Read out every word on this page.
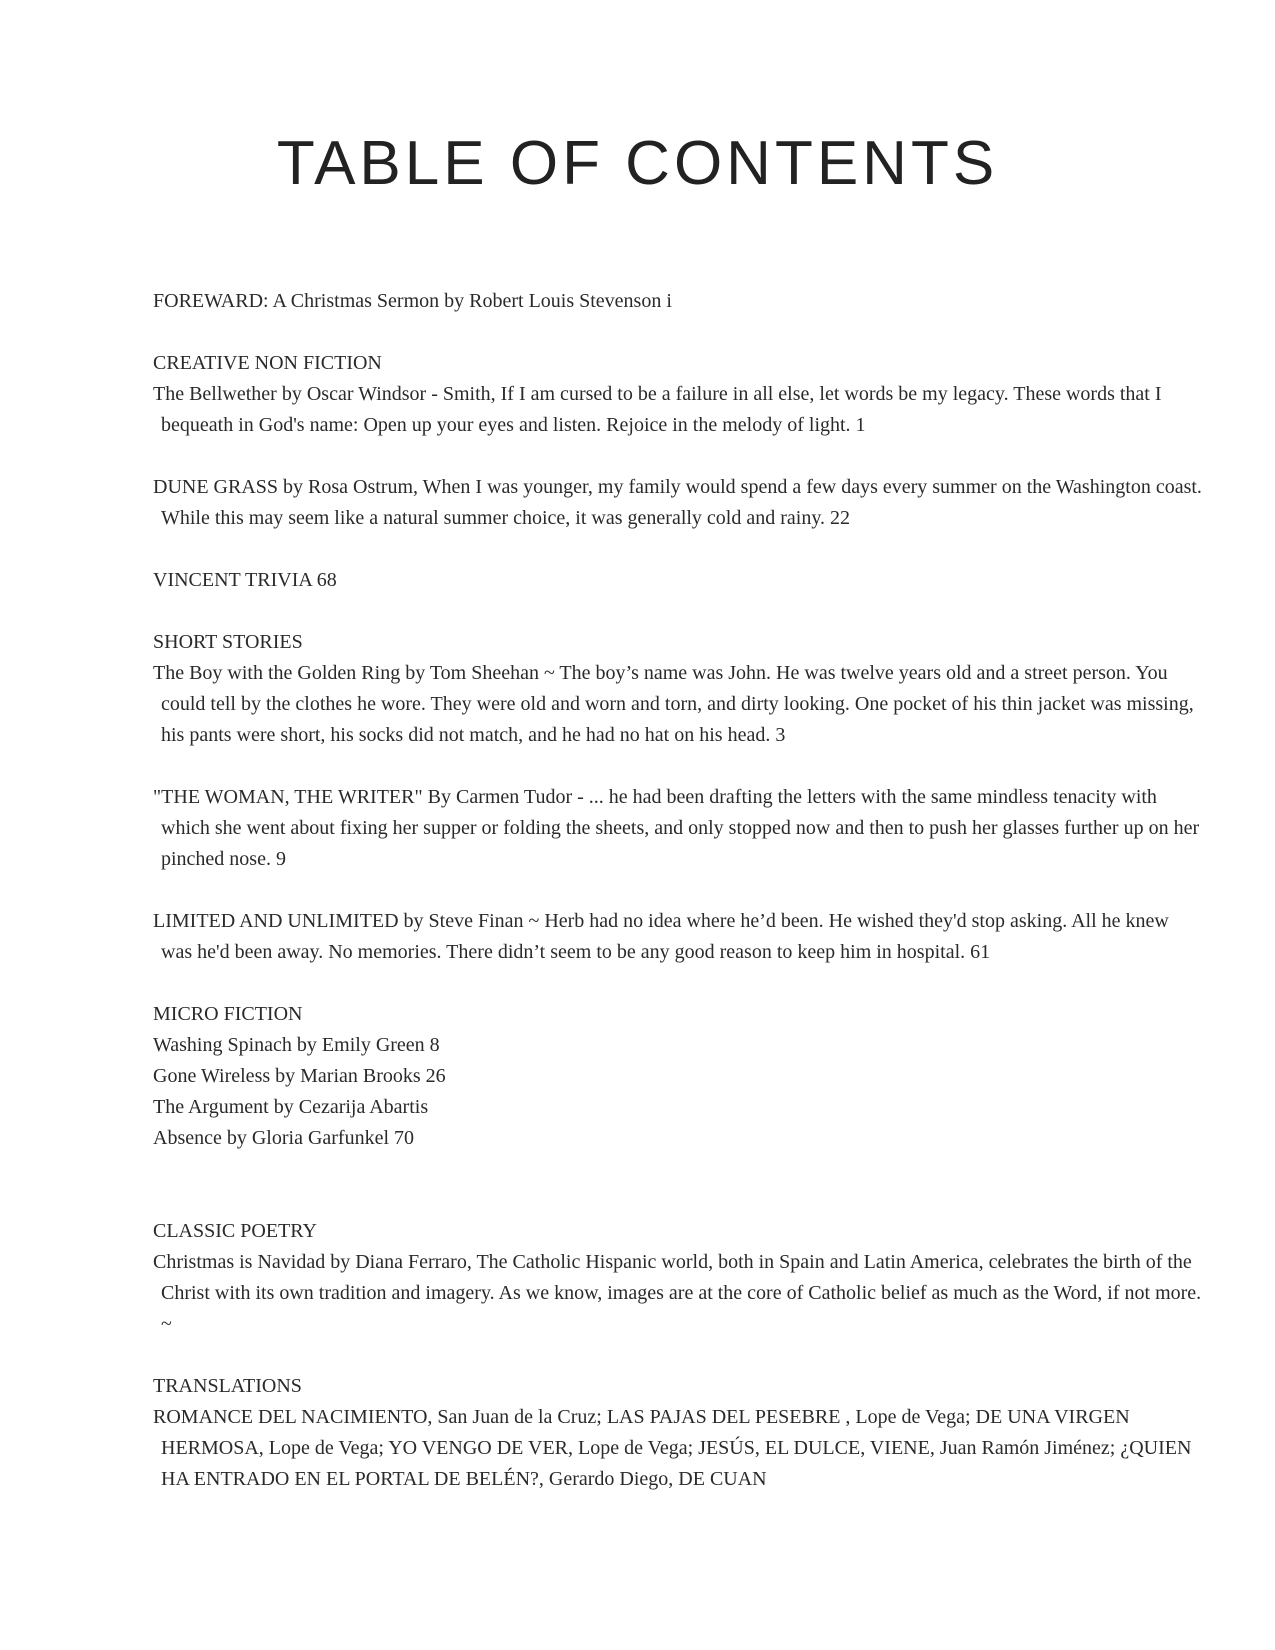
TABLE OF CONTENTS

FOREWARD: A Christmas Sermon by Robert Louis Stevenson i

CREATIVE NON FICTION

The Bellwether by Oscar Windsor - Smith, If I am cursed to be a failure in all else, let words be my legacy. These words that I bequeath in God's name: Open up your eyes and listen. Rejoice in the melody of light. 1

DUNE GRASS by Rosa Ostrum, When I was younger, my family would spend a few days every summer on the Washington coast. While this may seem like a natural summer choice, it was generally cold and rainy. 22

VINCENT TRIVIA 68

SHORT STORIES

The Boy with the Golden Ring by Tom Sheehan ~ The boy’s name was John. He was twelve years old and a street person. You could tell by the clothes he wore. They were old and worn and torn, and dirty looking. One pocket of his thin jacket was missing, his pants were short, his socks did not match, and he had no hat on his head. 3

"THE WOMAN, THE WRITER" By Carmen Tudor - ... he had been drafting the letters with the same mindless tenacity with which she went about fixing her supper or folding the sheets, and only stopped now and then to push her glasses further up on her pinched nose. 9

LIMITED AND UNLIMITED by Steve Finan ~ Herb had no idea where he’d been. He wished they'd stop asking. All he knew was he'd been away. No memories. There didn’t seem to be any good reason to keep him in hospital. 61

MICRO FICTION

Washing Spinach by Emily Green 8

Gone Wireless by Marian Brooks 26

The Argument by Cezarija Abartis

Absence by Gloria Garfunkel 70

CLASSIC POETRY

Christmas is Navidad by Diana Ferraro, The Catholic Hispanic world, both in Spain and Latin America, celebrates the birth of the Christ with its own tradition and imagery. As we know, images are at the core of Catholic belief as much as the Word, if not more. ~

TRANSLATIONS

ROMANCE DEL NACIMIENTO, San Juan de la Cruz; LAS PAJAS DEL PESEBRE , Lope de Vega; DE UNA VIRGEN HERMOSA, Lope de Vega; YO VENGO DE VER, Lope de Vega; JESÚS, EL DULCE, VIENE, Juan Ramón Jiménez; ¿QUIEN HA ENTRADO EN EL PORTAL DE BELÉN?, Gerardo Diego, DE CUAN
